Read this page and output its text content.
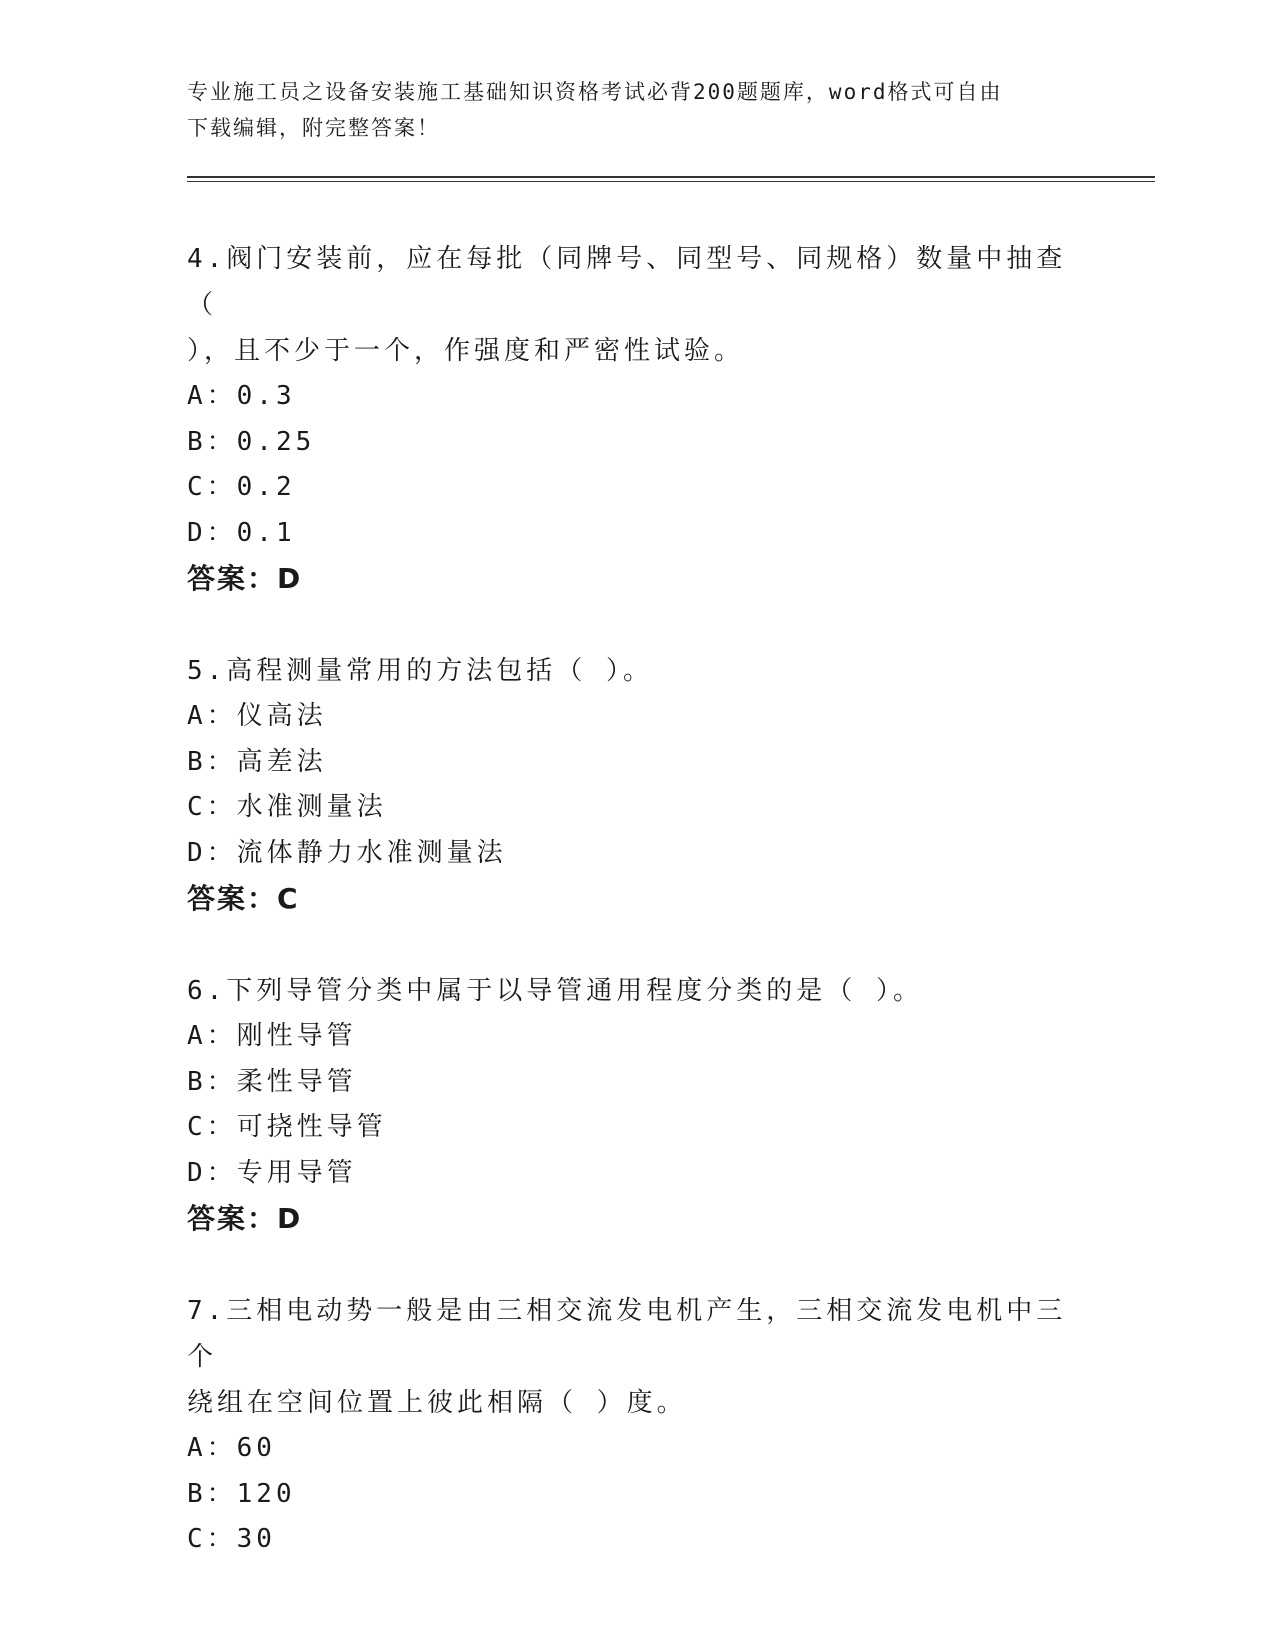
专业施工员之设备安装施工基础知识资格考试必背200题题库，word格式可自由
下载编辑，附完整答案！

4.阀门安装前，应在每批（同牌号、同型号、同规格）数量中抽查（

），且不少于一个，作强度和严密性试验。

A：0.3
B：0.25
C：0.2
D：0.1
答案：D

5.高程测量常用的方法包括（ ）。

A：仪高法
B：高差法
C：水准测量法
D：流体静力水准测量法
答案：C

6.下列导管分类中属于以导管通用程度分类的是（ ）。

A：刚性导管
B：柔性导管
C：可挠性导管
D：专用导管
答案：D

7.三相电动势一般是由三相交流发电机产生，三相交流发电机中三个

绕组在空间位置上彼此相隔（ ）度。

A：60
B：120
C：30
